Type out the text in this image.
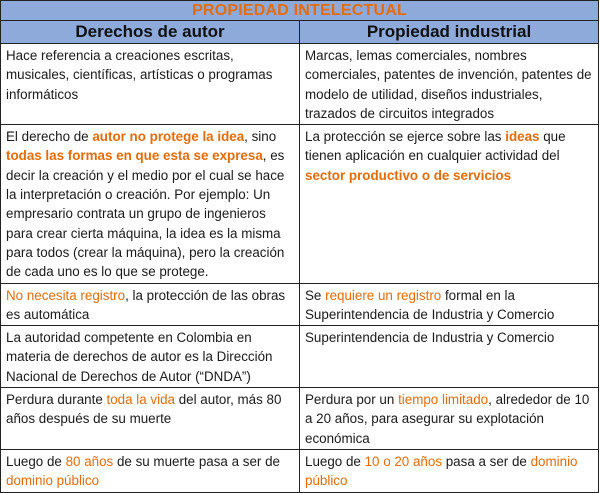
PROPIEDAD INTELECTUAL	
Derechos de autor	Propiedad industrial
Hace referencia a creaciones escritas, musicales, científicas, artísticas o programas informáticos	Marcas, lemas comerciales, nombres comerciales, patentes de invención, patentes de modelo de utilidad, diseños industriales, trazados de circuitos integrados
El derecho de autor no protege la idea, sino todas las formas en que esta se expresa, es decir la creación y el medio por el cual se hace la interpretación o creación. Por ejemplo: Un empresario contrata un grupo de ingenieros para crear cierta máquina, la idea es la misma para todos (crear la máquina), pero la creación de cada uno es lo que se protege.	La protección se ejerce sobre las ideas que tienen aplicación en cualquier actividad del sector productivo o de servicios
No necesita registro, la protección de las obras es automática	Se requiere un registro formal en la Superintendencia de Industria y Comercio
La autoridad competente en Colombia en materia de derechos de autor es la Dirección Nacional de Derechos de Autor (“DNDA”)	Superintendencia de Industria y Comercio
Perdura durante toda la vida del autor, más 80 años después de su muerte	Perdura por un tiempo limitado, alrededor de 10 a 20 años, para asegurar su explotación económica
Luego de 80 años de su muerte pasa a ser de dominio público	Luego de 10 o 20 años pasa a ser de dominio público
